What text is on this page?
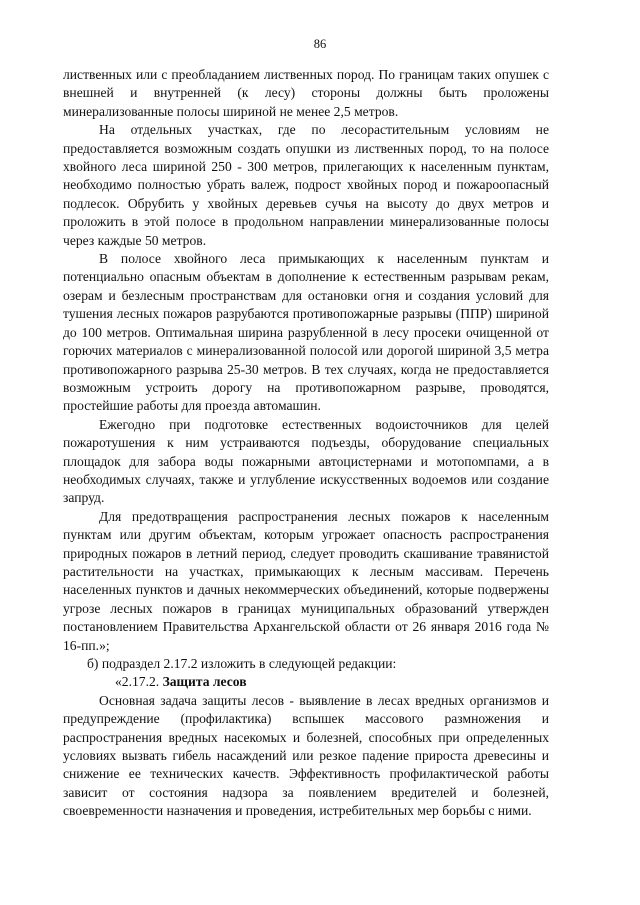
86

лиственных или с преобладанием лиственных пород. По границам таких опушек с внешней и внутренней (к лесу) стороны должны быть проложены минерализованные полосы шириной не менее 2,5 метров.

На отдельных участках, где по лесорастительным условиям не предоставляется возможным создать опушки из лиственных пород, то на полосе хвойного леса шириной 250 - 300 метров, прилегающих к населенным пунктам, необходимо полностью убрать валеж, подрост хвойных пород и пожароопасный подлесок. Обрубить у хвойных деревьев сучья на высоту до двух метров и проложить в этой полосе в продольном направлении минерализованные полосы через каждые 50 метров.

В полосе хвойного леса примыкающих к населенным пунктам и потенциально опасным объектам в дополнение к естественным разрывам рекам, озерам и безлесным пространствам для остановки огня и создания условий для тушения лесных пожаров разрубаются противопожарные разрывы (ППР) шириной до 100 метров. Оптимальная ширина разрубленной в лесу просеки очищенной от горючих материалов с минерализованной полосой или дорогой шириной 3,5 метра противопожарного разрыва 25-30 метров. В тех случаях, когда не предоставляется возможным устроить дорогу на противопожарном разрыве, проводятся, простейшие работы для проезда автомашин.

Ежегодно при подготовке естественных водоисточников для целей пожаротушения к ним устраиваются подъезды, оборудование специальных площадок для забора воды пожарными автоцистернами и мотопомпами, а в необходимых случаях, также и углубление искусственных водоемов или создание запруд.

Для предотвращения распространения лесных пожаров к населенным пунктам или другим объектам, которым угрожает опасность распространения природных пожаров в летний период, следует проводить скашивание травянистой растительности на участках, примыкающих к лесным массивам. Перечень населенных пунктов и дачных некоммерческих объединений, которые подвержены угрозе лесных пожаров в границах муниципальных образований утвержден постановлением Правительства Архангельской области от 26 января 2016 года № 16-пп.»;

б) подраздел 2.17.2 изложить в следующей редакции:

«2.17.2. Защита лесов

Основная задача защиты лесов - выявление в лесах вредных организмов и предупреждение (профилактика) вспышек массового размножения и распространения вредных насекомых и болезней, способных при определенных условиях вызвать гибель насаждений или резкое падение прироста древесины и снижение ее технических качеств. Эффективность профилактической работы зависит от состояния надзора за появлением вредителей и болезней, своевременности назначения и проведения, истребительных мер борьбы с ними.
